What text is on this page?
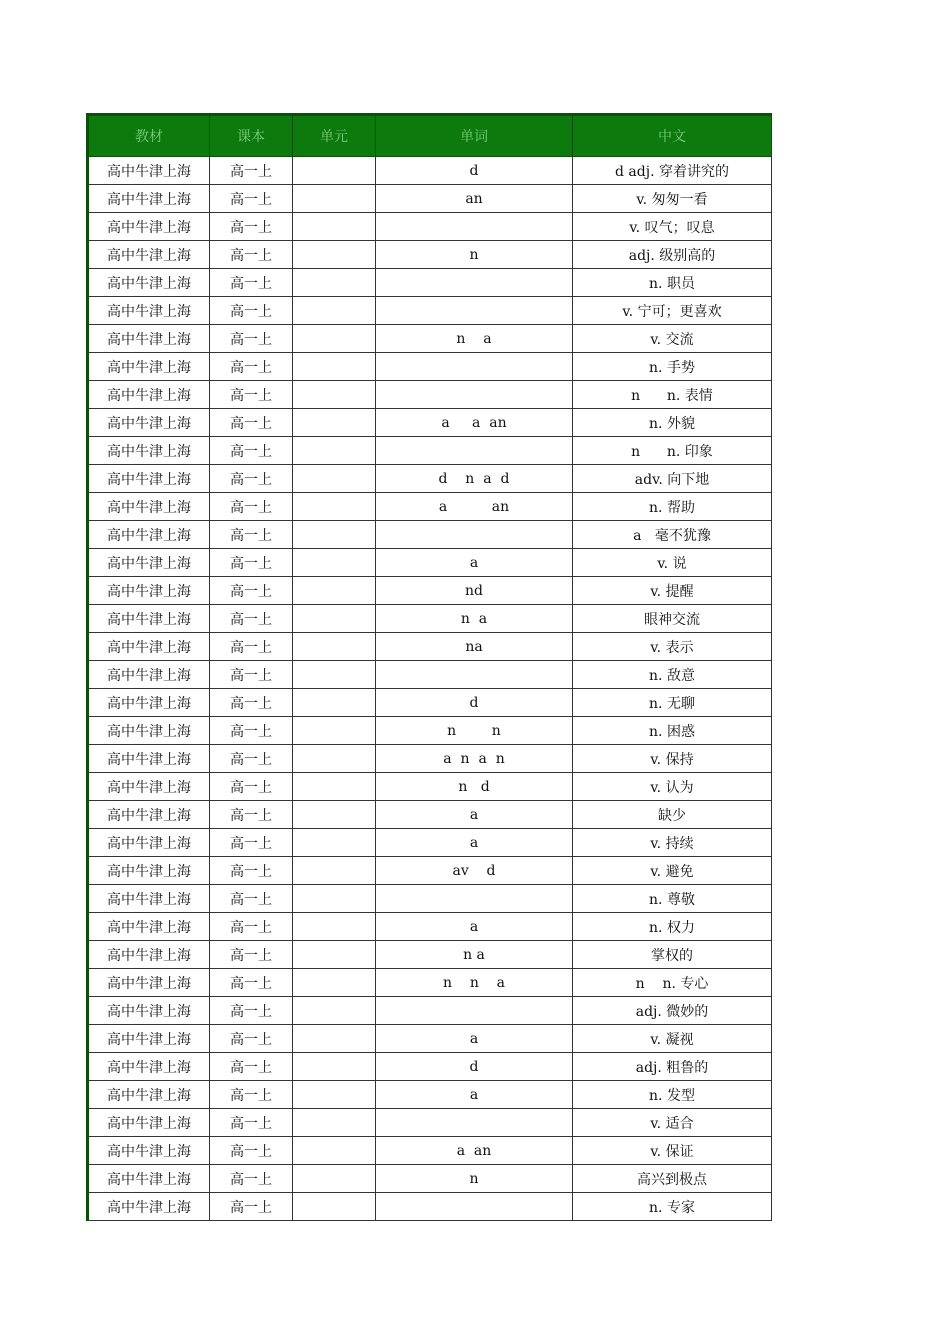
教材	课本	单元	单词	中文
高中牛津上海	高一上		d	d adj. 穿着讲究的
高中牛津上海	高一上		an	v. 匆匆一看
高中牛津上海	高一上			v. 叹气；叹息
高中牛津上海	高一上		n	adj. 级别高的
高中牛津上海	高一上			n. 职员
高中牛津上海	高一上			v. 宁可；更喜欢
高中牛津上海	高一上		n    a	v. 交流
高中牛津上海	高一上			n. 手势
高中牛津上海	高一上			n      n. 表情
高中牛津上海	高一上		a     a  an	n. 外貌
高中牛津上海	高一上			n      n. 印象
高中牛津上海	高一上		d    n  a  d	adv. 向下地
高中牛津上海	高一上		a          an	n. 帮助
高中牛津上海	高一上			a   毫不犹豫
高中牛津上海	高一上		a	v. 说
高中牛津上海	高一上		nd	v. 提醒
高中牛津上海	高一上		n  a	眼神交流
高中牛津上海	高一上		na	v. 表示
高中牛津上海	高一上			n. 敌意
高中牛津上海	高一上		d	n. 无聊
高中牛津上海	高一上		n        n	n. 困惑
高中牛津上海	高一上		a  n  a  n	v. 保持
高中牛津上海	高一上		n   d	v. 认为
高中牛津上海	高一上		a	缺少
高中牛津上海	高一上		a	v. 持续
高中牛津上海	高一上		av    d	v. 避免
高中牛津上海	高一上			n. 尊敬
高中牛津上海	高一上		a	n. 权力
高中牛津上海	高一上		n a	掌权的
高中牛津上海	高一上		n    n    a	n    n. 专心
高中牛津上海	高一上			adj. 微妙的
高中牛津上海	高一上		a	v. 凝视
高中牛津上海	高一上		d	adj. 粗鲁的
高中牛津上海	高一上		a	n. 发型
高中牛津上海	高一上			v. 适合
高中牛津上海	高一上		a  an	v. 保证
高中牛津上海	高一上		n	高兴到极点
高中牛津上海	高一上			n. 专家
